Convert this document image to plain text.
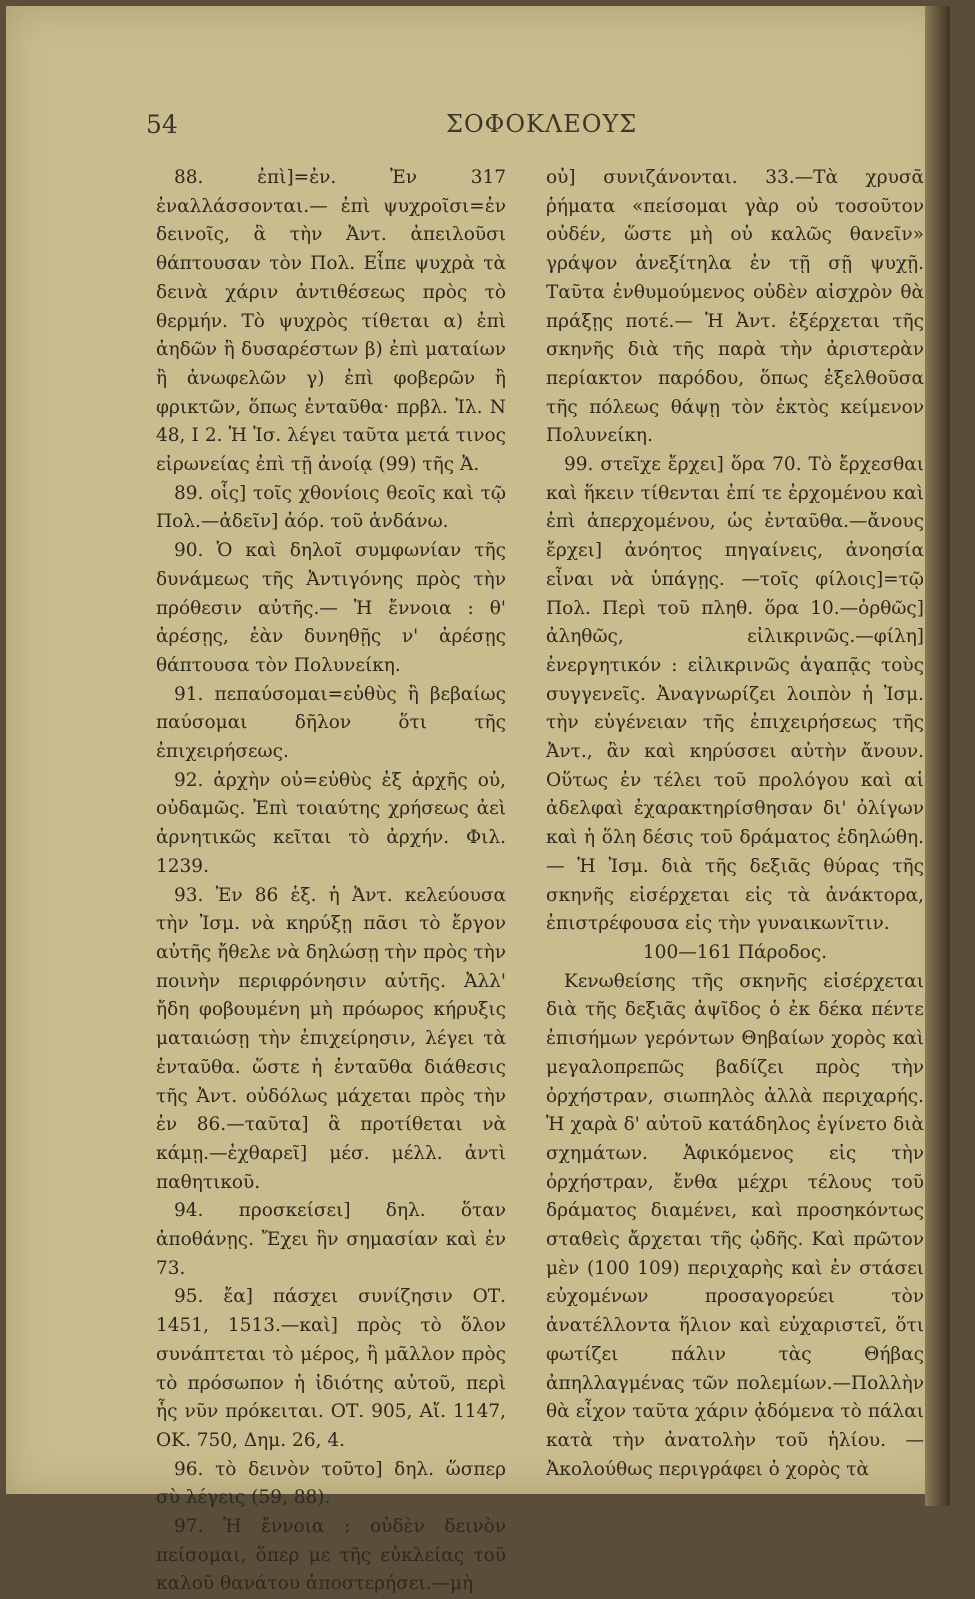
54	ΣΟΦΟΚΛΕΟΥΣ

88. ἐπὶ]=ἐν. Ἐν 317 ἐναλλάσσονται.— ἐπὶ ψυχροῖσι=ἐν δεινοῖς, ἃ τὴν Ἀντ. ἀπειλοῦσι θάπτουσαν τὸν Πολ. Εἶπε ψυχρὰ τὰ δεινὰ χάριν ἀντιθέσεως πρὸς τὸ θερμήν. Τὸ ψυχρὸς τίθεται α) ἐπὶ ἀηδῶν ἢ δυσαρέστων β) ἐπὶ ματαίων ἢ ἀνωφελῶν γ) ἐπὶ φοβερῶν ἢ φρικτῶν, ὅπως ἐνταῦθα· πρβλ. Ἰλ. Ν 48, Ι 2. Ἡ Ἰσ. λέγει ταῦτα μετά τινος εἰρωνείας ἐπὶ τῇ ἀνοίᾳ (99) τῆς Ἀ.

89. οἷς] τοῖς χθονίοις θεοῖς καὶ τῷ Πολ.—ἀδεῖν] ἀόρ. τοῦ ἁνδάνω.

90. Ὁ καὶ δηλοῖ συμφωνίαν τῆς δυνάμεως τῆς Ἀντιγόνης πρὸς τὴν πρόθεσιν αὐτῆς.— Ἡ ἔννοια : θ' ἀρέσῃς, ἐὰν δυνηθῇς ν' ἀρέσῃς θάπτουσα τὸν Πολυνείκη.

91. πεπαύσομαι=εὐθὺς ἢ βεβαίως παύσομαι δῆλον ὅτι τῆς ἐπιχειρήσεως.

92. ἀρχὴν οὐ=εὐθὺς ἐξ ἀρχῆς οὐ, οὐδαμῶς. Ἐπὶ τοιαύτης χρήσεως ἀεὶ ἀρνητικῶς κεῖται τὸ ἀρχήν. Φιλ. 1239.

93. Ἐν 86 ἑξ. ἡ Ἀντ. κελεύουσα τὴν Ἰσμ. νὰ κηρύξῃ πᾶσι τὸ ἔργον αὐτῆς ἤθελε νὰ δηλώσῃ τὴν πρὸς τὴν ποινὴν περιφρόνησιν αὐτῆς. Ἀλλ' ἤδη φοβουμένη μὴ πρόωρος κήρυξις ματαιώσῃ τὴν ἐπιχείρησιν, λέγει τὰ ἐνταῦθα. ὥστε ἡ ἐνταῦθα διάθεσις τῆς Ἀντ. οὐδόλως μάχεται πρὸς τὴν ἐν 86.—ταῦτα] ἃ προτίθεται νὰ κάμῃ.—ἐχθαρεῖ] μέσ. μέλλ. ἀντὶ παθητικοῦ.

94. προσκείσει] δηλ. ὅταν ἀποθάνῃς. Ἔχει ἣν σημασίαν καὶ ἐν 73.

95. ἔα] πάσχει συνίζησιν ΟΤ. 1451, 1513.—καὶ] πρὸς τὸ ὅλον συνάπτεται τὸ μέρος, ἢ μᾶλλον πρὸς τὸ πρόσωπον ἡ ἰδιότης αὐτοῦ, περὶ ἧς νῦν πρόκειται. ΟΤ. 905, Αἴ. 1147, ΟΚ. 750, Δημ. 26, 4.

96. τὸ δεινὸν τοῦτο] δηλ. ὥσπερ σὺ λέγεις (59, 88).

97. Ἡ ἔννοια : οὐδὲν δεινὸν πείσομαι, ὅπερ με τῆς εὐκλείας τοῦ καλοῦ θανάτου ἀποστερήσει.—μὴ

οὐ] συνιζάνονται. 33.—Τὰ χρυσᾶ ῥήματα «πείσομαι γὰρ οὐ τοσοῦτον οὐδέν, ὥστε μὴ οὐ καλῶς θανεῖν» γράψον ἀνεξίτηλα ἐν τῇ σῇ ψυχῇ. Ταῦτα ἐνθυμούμενος οὐδὲν αἰσχρὸν θὰ πράξῃς ποτέ.— Ἡ Ἀντ. ἐξέρχεται τῆς σκηνῆς διὰ τῆς παρὰ τὴν ἀριστερὰν περίακτον παρόδου, ὅπως ἐξελθοῦσα τῆς πόλεως θάψῃ τὸν ἐκτὸς κείμενον Πολυνείκη.

99. στεῖχε ἔρχει] ὅρα 70. Τὸ ἔρχεσθαι καὶ ἥκειν τίθενται ἐπί τε ἐρχομένου καὶ ἐπὶ ἀπερχομένου, ὡς ἐνταῦθα.—ἄνους ἔρχει] ἀνόητος πηγαίνεις, ἀνοησία εἶναι νὰ ὑπάγῃς. —τοῖς φίλοις]=τῷ Πολ. Περὶ τοῦ πληθ. ὅρα 10.—ὀρθῶς] ἀληθῶς, εἰλικρινῶς.—φίλη] ἐνεργητικόν : εἰλικρινῶς ἀγαπᾷς τοὺς συγγενεῖς. Ἀναγνωρίζει λοιπὸν ἡ Ἰσμ. τὴν εὐγένειαν τῆς ἐπιχειρήσεως τῆς Ἀντ., ἂν καὶ κηρύσσει αὐτὴν ἄνουν. Οὕτως ἐν τέλει τοῦ προλόγου καὶ αἱ ἀδελφαὶ ἐχαρακτηρίσθησαν δι' ὀλίγων καὶ ἡ ὅλη δέσις τοῦ δράματος ἐδηλώθη.— Ἡ Ἰσμ. διὰ τῆς δεξιᾶς θύρας τῆς σκηνῆς εἰσέρχεται εἰς τὰ ἀνάκτορα, ἐπιστρέφουσα εἰς τὴν γυναικωνῖτιν.

100—161 Πάροδος.

Κενωθείσης τῆς σκηνῆς εἰσέρχεται διὰ τῆς δεξιᾶς ἀψῖδος ὁ ἐκ δέκα πέντε ἐπισήμων γερόντων Θηβαίων χορὸς καὶ μεγαλοπρεπῶς βαδίζει πρὸς τὴν ὀρχήστραν, σιωπηλὸς ἀλλὰ περιχαρής. Ἡ χαρὰ δ' αὐτοῦ κατάδηλος ἐγίνετο διὰ σχημάτων. Ἀφικόμενος εἰς τὴν ὀρχήστραν, ἔνθα μέχρι τέλους τοῦ δράματος διαμένει, καὶ προσηκόντως σταθεὶς ἄρχεται τῆς ᾠδῆς. Καὶ πρῶτον μὲν (100 109) περιχαρὴς καὶ ἐν στάσει εὐχομένων προσαγορεύει τὸν ἀνατέλλοντα ἥλιον καὶ εὐχαριστεῖ, ὅτι φωτίζει πάλιν τὰς Θήβας ἀπηλλαγμένας τῶν πολεμίων.—Πολλὴν θὰ εἶχον ταῦτα χάριν ᾀδόμενα τὸ πάλαι κατὰ τὴν ἀνατολὴν τοῦ ἡλίου. —Ἀκολούθως περιγράφει ὁ χορὸς τὰ
